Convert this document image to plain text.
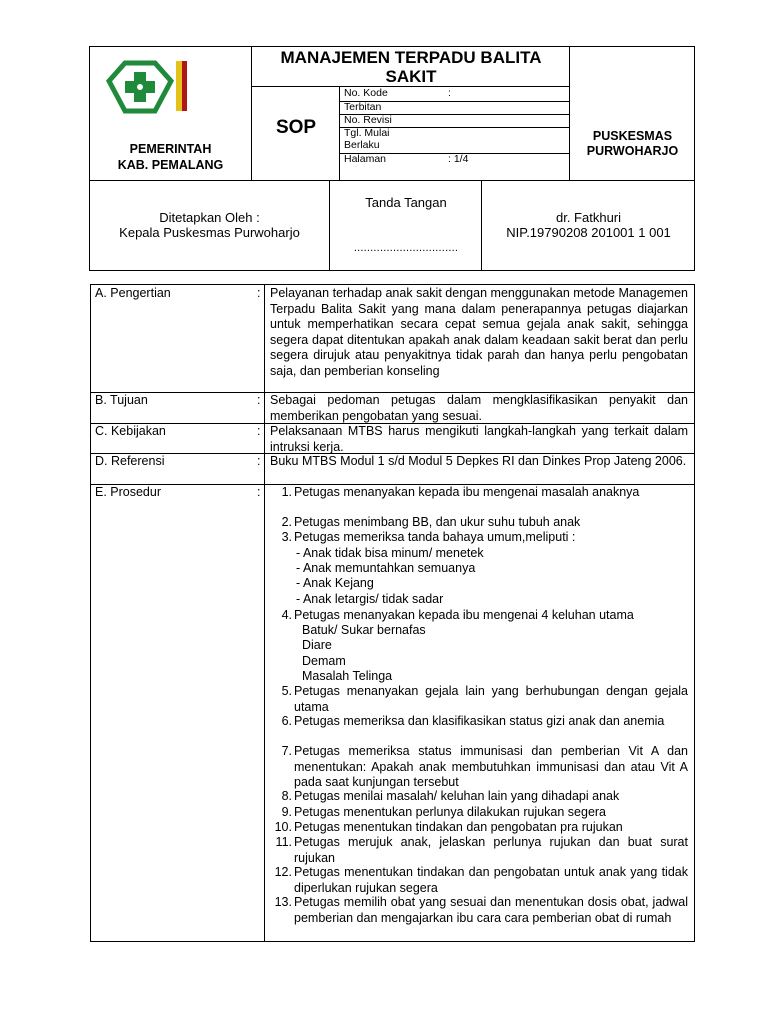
PEMERINTAH
KAB. PEMALANG
MANAJEMEN TERPADU BALITA
SAKIT
SOP
No. Kode	:
Terbitan
No. Revisi
Tgl. Mulai
Berlaku
Halaman	: 1/4
PUSKESMAS
PURWOHARJO
Ditetapkan Oleh :
Kepala Puskesmas Purwoharjo
Tanda Tangan
................................
dr. Fatkhuri
NIP.19790208 201001 1 001
A. Pengertian	: Pelayanan terhadap anak sakit dengan menggunakan metode Managemen Terpadu Balita Sakit yang mana dalam penerapannya petugas diajarkan untuk memperhatikan secara cepat semua gejala anak sakit, sehingga segera dapat ditentukan apakah anak dalam keadaan sakit berat dan perlu segera dirujuk atau penyakitnya tidak parah dan hanya perlu pengobatan saja, dan pemberian konseling
B. Tujuan	: Sebagai pedoman petugas dalam mengklasifikasikan penyakit dan memberikan pengobatan yang sesuai.
C. Kebijakan	: Pelaksanaan MTBS harus mengikuti langkah-langkah yang terkait dalam intruksi kerja.
D. Referensi	: Buku MTBS Modul 1 s/d Modul 5 Depkes RI dan Dinkes Prop Jateng 2006.
E. Prosedur	:	1. Petugas menanyakan kepada ibu mengenai masalah anaknya
2. Petugas menimbang BB, dan ukur suhu tubuh anak
3. Petugas memeriksa tanda bahaya umum,meliputi :
- Anak tidak bisa minum/ menetek
- Anak memuntahkan semuanya
- Anak Kejang
- Anak letargis/ tidak sadar
4. Petugas menanyakan kepada ibu mengenai 4 keluhan utama
Batuk/ Sukar bernafas
Diare
Demam
Masalah Telinga
5. Petugas menanyakan gejala lain yang berhubungan dengan gejala utama
6. Petugas memeriksa dan klasifikasikan status gizi anak dan anemia
7. Petugas memeriksa status immunisasi dan pemberian Vit A dan menentukan: Apakah anak membutuhkan immunisasi dan atau Vit A pada saat kunjungan tersebut
8. Petugas menilai masalah/ keluhan lain yang dihadapi anak
9. Petugas menentukan perlunya dilakukan rujukan segera
10. Petugas menentukan tindakan dan pengobatan pra rujukan
11. Petugas merujuk anak, jelaskan perlunya rujukan dan buat surat rujukan
12. Petugas menentukan tindakan dan pengobatan untuk anak yang tidak diperlukan rujukan segera
13. Petugas memilih obat yang sesuai dan menentukan dosis obat, jadwal pemberian dan mengajarkan ibu cara cara pemberian obat di rumah
